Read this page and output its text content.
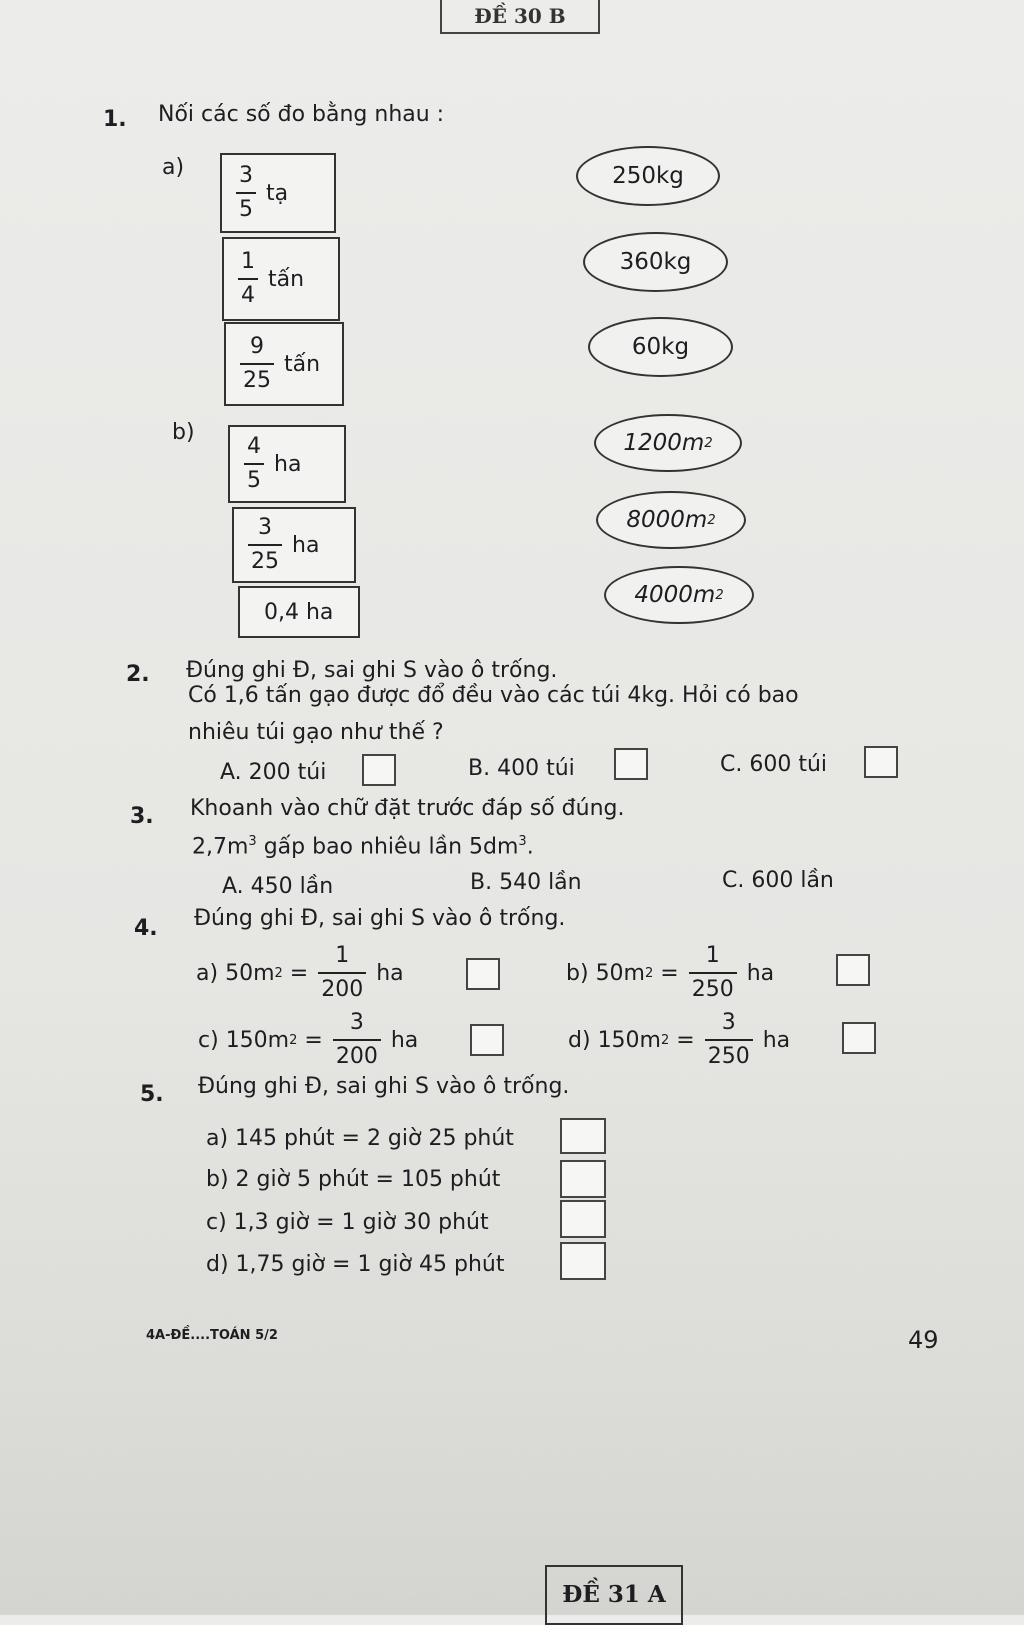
ĐỀ 30 B
1. Nối các số đo bằng nhau :
$a) \frac{3}{5}$ tạ
$\frac{1}{4}$ tấn
$\frac{9}{25}$ tấn
250kg
360kg
60kg
b)
$\frac{4}{5}$ ha
$\frac{3}{25}$ ha
0,4 ha
1200m 2
8000m 2
4000m 2
2. Đúng ghi Đ, sai ghi S vào ô trống.
Có 1,6 tấn gạo được đổ đều vào các túi 4kg. Hỏi có bao
nhiêu túi gạo như thế ?
A. 200 túi	B. 400 túi	C. 600 túi
3. Khoanh vào chữ đặt trước đáp số đúng.
$2,7m^3$ gấp bao nhiêu lần $5dm^3$.
A. 450 lần	B. 540 lần	C. 600 lần
4. Đúng ghi Đ, sai ghi S vào ô trống.
a)
50m $2 = \frac{1}{200}$ ha	b)
50m $2 = \frac{1}{250}$ ha
c)
150m $2 = \frac{3}{200}$ ha	d)
150m $2 = \frac{3}{250}$ ha
5. Đúng ghi Đ, sai ghi S vào ô trống.
a) 145 phút = 2 giờ 25 phút
b) 2 giờ 5 phút = 105 phút
c) 1,3 giờ = 1 giờ 30 phút
d) 1,75 giờ = 1 giờ 45 phút
4A-ĐỀ....TOÁN 5/2	49
ĐỀ 31 A
